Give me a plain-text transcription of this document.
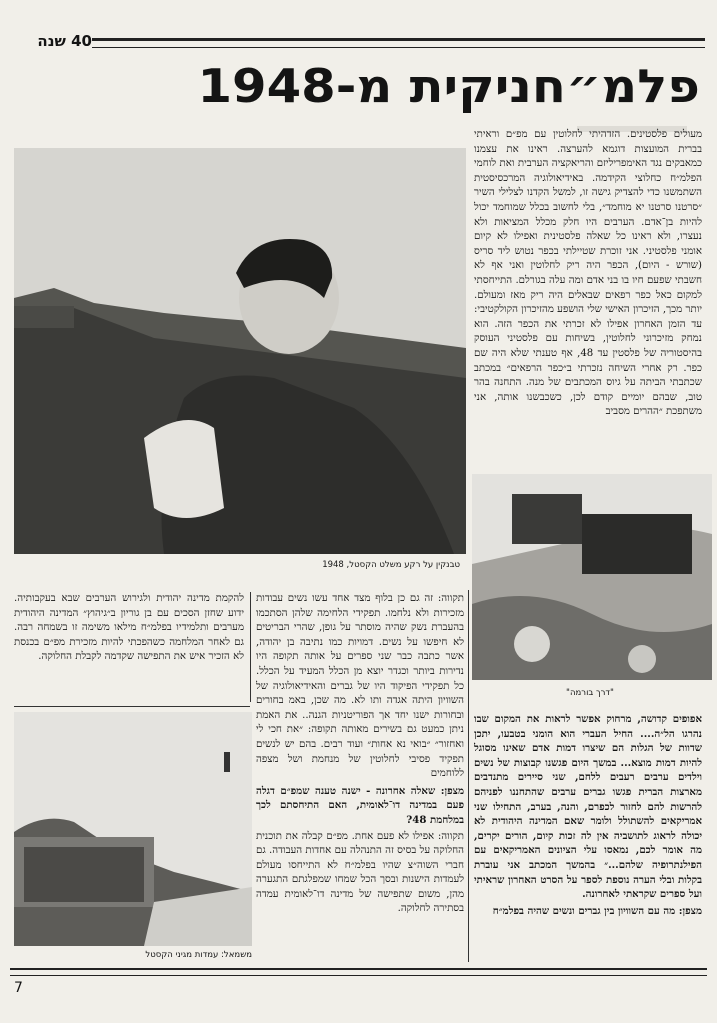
40 שנה
פלמ״חניקית מ-1948
טבנקין על רקע משלט הקסטל, 1948

מעולים פלסטינים. הזדהיתי לחלוטין עם מפ״ם וראיתי בברית המועצות דוגמא להערצה. ראינו את עצמנו כמאבקים נגד האימפריליזם והריאקציה הערבית ואת לוחמי הפלמ״ח כחלוצי הקידמה. באידיאולוגיה המרכסיסטית השתמשנו כדי להצדיק גישה זו, למשל הקדנו לצלילי השיר ״סרטנו סרטנו יא מוחמד״, בלי לחשוב בכלל שמוחמד יכול להיות בן־אדם. הערבים היו חלק מכלל המציאות ולא נעצרו, ולא ראינו כל שאלה פלסטינית ואפילו לא קיום אומני פלסטיני. אני זוכרת שטיילתי בכפר נטוש ליד סריס (שורש - היום), הכפר היה ריק לחלוטין ואני אף לא חשבתי שפעם חיו בו בני אדם ומה עלה בגורלם. התייחסתי למקום כאל כפר רפאים שבאלים היה ריק מאז ומעולם. יותר מכך, הזיכרון האישי שלי הושפע מהזיכרון הקולקטיבי: עד הזמן האחרון אפילו לא זכרתי את הכפר הזה. הוא נמחק מזיכרוני לחלוטין, בשיחות עם פלסטיני העוסק בהיסטוריה של פלסטין עד 48, אף טענתי שלא היה שם כפר. רק אחרי השיחה נזכרתי ב״כפר הרפאים״ במכתב שכתבתי הביתה על גיוס המכתבים של מנה. התחנה בהר טוב, שבהם יומיים קודם לכן, כשכבשנו אותה, אני משתפכת ״ההרים מסביב

"דרך בורמה"

אפופים קדושה, מרחוק אפשר לראות את המקום שבו נהרגו הל״ה.... החיל העברי הוא הומני בטבעו, יתכן שדוות של הגלות הם שיצרו דמות אדם שאינו מסוגל להיות דמות מוצא... במשך היום פגשנו קבוצות של נשים וילדים ערבים רעבים ללחם, שני סיירים מתנדבים מארצות הברית פגשו גברים ערבים שהתחננו לפניהם להרשות להם לחזור לכפרם, והנה, בערב, התחילו שני אמריקאים להשתולל ולומר שאם המדינה היהודית לא יכולה לראוג לתושביה אין לה זכות קיום, הורים יקרים, מה אומר לכם, נמאסו עלי הציונים האמריקאים עם הפילנתרופיה שלהם...״ בהמשך המכתב אני עוברת בקלות ובלי הערה נוספת לספר על הסרט האחרון שראיתי ועל ספרים שקראתי לאחרונה.

מצפן: מה עם השוויון בין גברים ונשים שהיה בפלמ״ח

תקווה: זה גם כן בלוף מצד אחד עשו נשים עבודות מזכירות ולא נלחמו. תפקידי הלחימה שלהן הסתכמו בהעברת נשק שהיה מוסתר על גופן, שהרי הבריטים לא חיפשו על נשים. דמויות כמו נתיבה בן יהודה, אשר כתבה כבר שני ספרים על אותה תקופה היו נדירות ביותר וכגדר יוצא מן הכלל המעיד על הכלל. כל תפקידי הפיקוד היו של גברים והאידיאולוגיה של השוויון היתה אגדה ותו לא. מה שכן, באמ בחורים ובחורות ישנו יחד אך הפוריטניות הגנה.. את האמת ניתן כמעט גם בשירים מאותה תקופה: ״את חכי לי ואחזור״ ״בואי נא אחות״ ועוד רבים. בהם יש לנשים תפקיד פסיבי לחלוטין של מנחמת ושל מצפה ללוחמים

מצפן: שאלה אחרונה - ישנה טענה שמפ״ם דגלה פעם במדינה דו־לאומית, האם התיחסתם לכך במלחמת 48?

תקווה: אפילו לא פעם אחת. מפ״ם קבלה את תוכנית החלוקה על בסיס זה התנהלה עם אחדות העבודה. גם חברי השוה״צ שהיו בפלמ״ח לא התייחסו מעולם לעמדות הישנות ובסך הכל שמחו שמפלגתם התגערה מהן, משום שתפישה של מדינה דו־לאומית עמדה בסתירה לחלוקה.

להקמת מדינה יהודית ולגירוש הערבים שבא בעקבותיה. ידוע שחזן הסכים עם בן גוריון ב״גיהוץ״ המדינה היהודית מערבים ותלמידיו בפלמ״ח מילאו משימה זו בשמחה רבה. גם לאחר המלחמה כשהפכתי להיות מזכירת מפ״ם בכנסת לא הזכיר איש את התפישה שקדמה לקבלת החלוקה.

משמאל: עמדות מגיני הקסטל
7
